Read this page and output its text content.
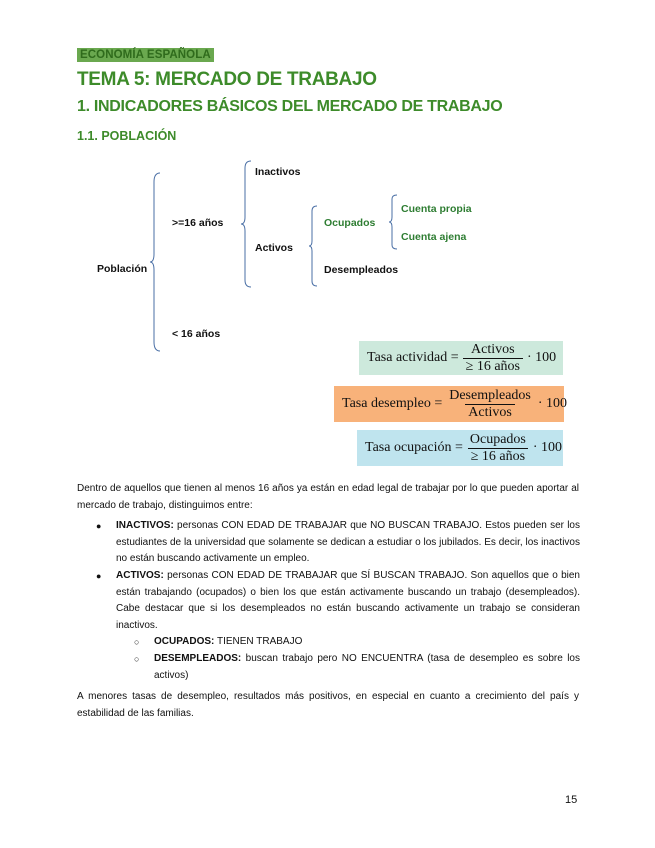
ECONOMÍA ESPAÑOLA
TEMA 5: MERCADO DE TRABAJO
1. INDICADORES BÁSICOS DEL MERCADO DE TRABAJO
1.1. POBLACIÓN
Población
>=16 años
< 16 años
Inactivos
Activos
Ocupados
Desempleados
Cuenta propia
Cuenta ajena
Tasa actividad = $\frac{\text{Activos}}{\text{≥ 16 años}} \cdot 100$
Tasa desempleo = $\frac{\text{Desempleados}}{\text{Activos}} \cdot 100$
Tasa ocupación = $\frac{\text{Ocupados}}{\text{≥ 16 años}} \cdot 100$
Dentro de aquellos que tienen al menos 16 años ya están en edad legal de trabajar por lo que pueden aportar al mercado de trabajo, distinguimos entre:
● INACTIVOS: personas CON EDAD DE TRABAJAR que NO BUSCAN TRABAJO. Estos pueden ser los estudiantes de la universidad que solamente se dedican a estudiar o los jubilados. Es decir, los inactivos no están buscando activamente un empleo.
● ACTIVOS: personas CON EDAD DE TRABAJAR que SÍ BUSCAN TRABAJO. Son aquellos que o bien están trabajando (ocupados) o bien los que están activamente buscando un trabajo (desempleados). Cabe destacar que si los desempleados no están buscando activamente un trabajo se consideran inactivos.
○ OCUPADOS: TIENEN TRABAJO
○ DESEMPLEADOS: buscan trabajo pero NO ENCUENTRA (tasa de desempleo es sobre los activos)
A menores tasas de desempleo, resultados más positivos, en especial en cuanto a crecimiento del país y estabilidad de las familias.
15
